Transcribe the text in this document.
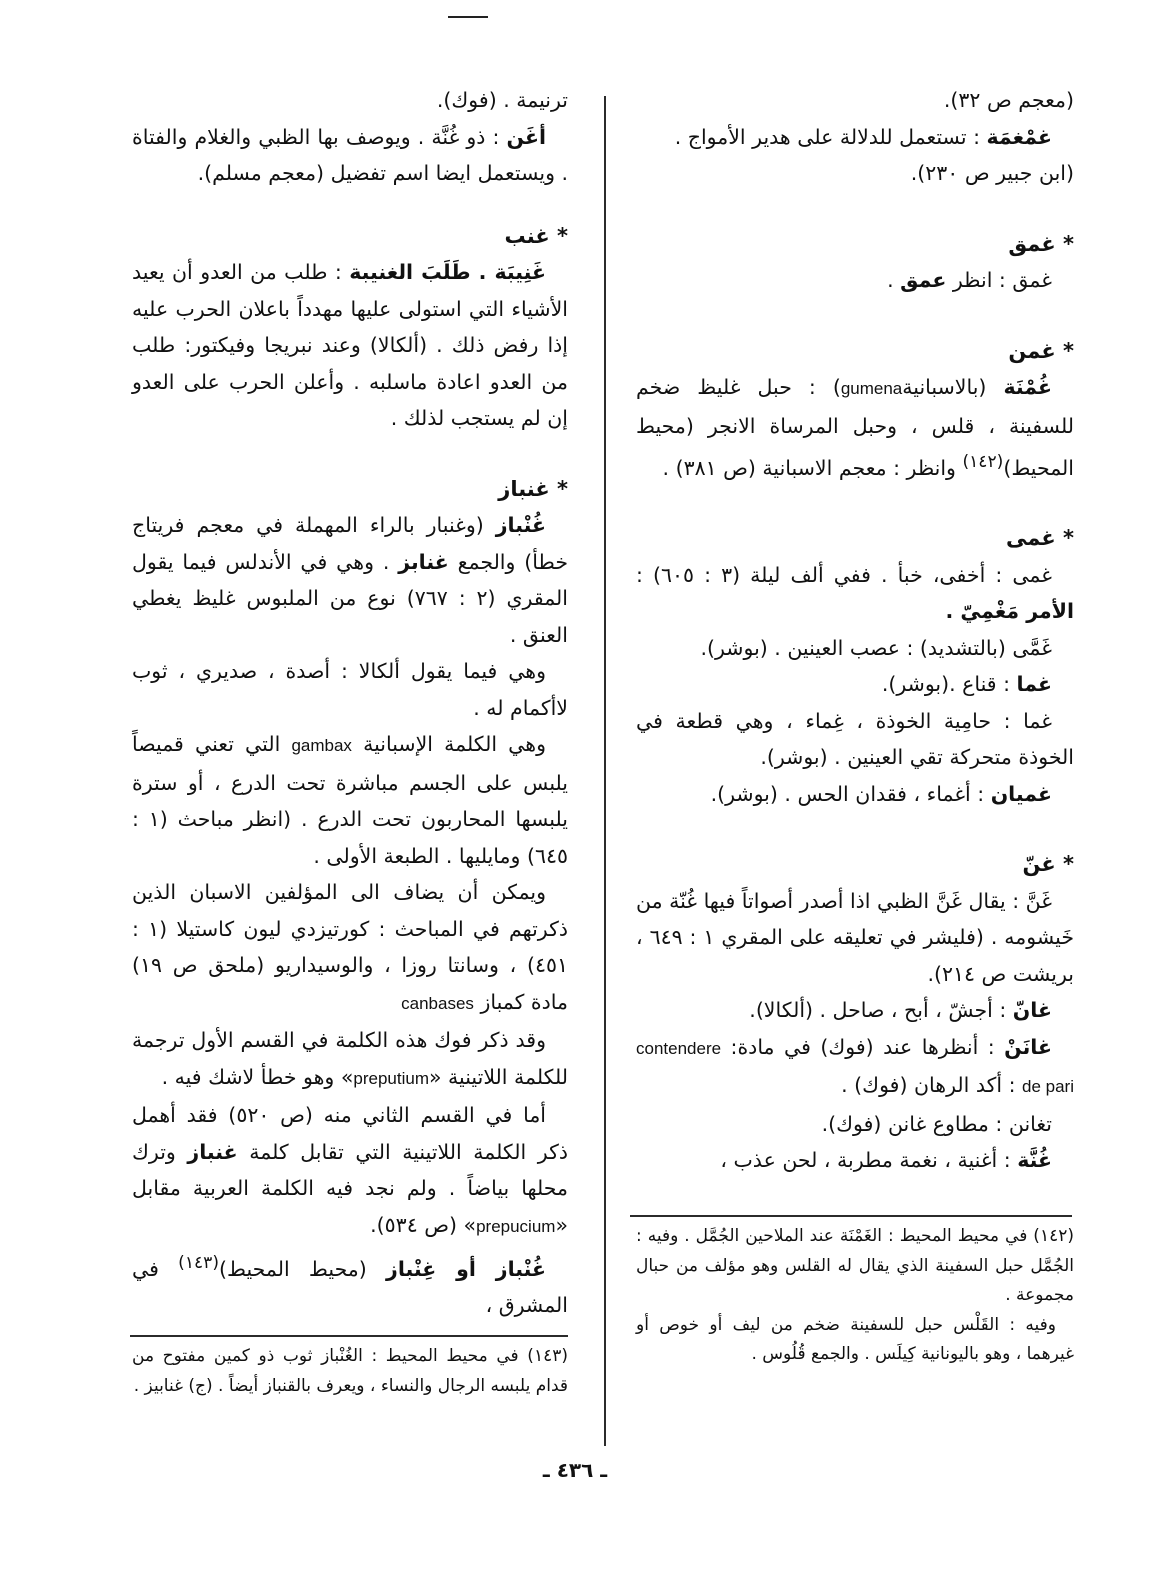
(معجم ص ٣٢).

غمْغمَة : تستعمل للدلالة على هدير الأمواج .

(ابن جبير ص ٢٣٠).

* غمق

غمق : انظر عمق .

* غمن

غُمْنَة (بالاسبانيةgumena) : حبل غليظ ضخم للسفينة ، قلس ، وحبل المرساة الانجر (محيط المحيط)$^{(١٤٢)}$ وانظر : معجم الاسبانية (ص ٣٨١) .

* غمى

غمى : أخفى، خبأ . ففي ألف ليلة (٣ : ٦٠٥) : الأمر مَغْمِيّ .

غَمَّى (بالتشديد) : عصب العينين . (بوشر).

غما : قناع .(بوشر).

غما : حامِية الخوذة ، غِماء ، وهي قطعة في الخوذة متحركة تقي العينين . (بوشر).

غميان : أغماء ، فقدان الحس . (بوشر).

* غنّ

غَنَّ : يقال غَنَّ الظبي اذا أصدر أصواتاً فيها غُنّة من خَيشومه . (فليشر في تعليقه على المقري ١ : ٦٤٩ ، بريشت ص ٢١٤).

غانّ : أجشّ ، أبح ، صاحل . (ألكالا).

غانَنْ : أنظرها عند (فوك) في مادة: contendere de pari : أكد الرهان (فوك) .

تغانن : مطاوع غانن (فوك).

غُنَّة : أغنية ، نغمة مطربة ، لحن عذب ،

ترنيمة . (فوك).

أغَن : ذو غُنَّة . ويوصف بها الظبي والغلام والفتاة . ويستعمل ايضا اسم تفضيل (معجم مسلم).

* غنب

غَنِيبَة . طَلَبَ الغنيبة : طلب من العدو أن يعيد الأشياء التي استولى عليها مهدداً باعلان الحرب عليه إذا رفض ذلك . (ألكالا) وعند نبريجا وفيكتور: طلب من العدو اعادة ماسلبه . وأعلن الحرب على العدو إن لم يستجب لذلك .

* غنباز

غُنْباز (وغنبار بالراء المهملة في معجم فريتاج خطأ) والجمع غنابز . وهي في الأندلس فيما يقول المقري (٢ : ٧٦٧) نوع من الملبوس غليظ يغطي العنق .

وهي فيما يقول ألكالا : أصدة ، صديري ، ثوب لاأكمام له .

وهي الكلمة الإسبانية gambax التي تعني قميصاً يلبس على الجسم مباشرة تحت الدرع ، أو سترة يلبسها المحاربون تحت الدرع . (انظر مباحث (١ : ٦٤٥) ومايليها . الطبعة الأولى .

ويمكن أن يضاف الى المؤلفين الاسبان الذين ذكرتهم في المباحث : كورتيزدي ليون كاستيلا (١ : ٤٥١) ، وسانتا روزا ، والوسيداريو (ملحق ص ١٩) مادة كمباز canbases

وقد ذكر فوك هذه الكلمة في القسم الأول ترجمة للكلمة اللاتينية «preputium» وهو خطأ لاشك فيه .

أما في القسم الثاني منه (ص ٥٢٠) فقد أهمل ذكر الكلمة اللاتينية التي تقابل كلمة غنباز وترك محلها بياضاً . ولم نجد فيه الكلمة العربية مقابل «prepucium» (ص ٥٣٤).

غُنْباز أو غِنْباز (محيط المحيط)$^{(١٤٣)}$ في المشرق ،

(١٤٢) في محيط المحيط : الغَمْنَة عند الملاحين الجُمَّل . وفيه : الجُمَّل حبل السفينة الذي يقال له القلس وهو مؤلف من حبال مجموعة .

وفيه : القَلْس حبل للسفينة ضخم من ليف أو خوص أو غيرهما ، وهو باليونانية كِيلَس . والجمع قُلُوس .

(١٤٣) في محيط المحيط : الغُنْباز ثوب ذو كمين مفتوح من قدام يلبسه الرجال والنساء ، ويعرف بالقنباز أيضاً . (ج) غنابيز .

ـ ٤٣٦ ـ
